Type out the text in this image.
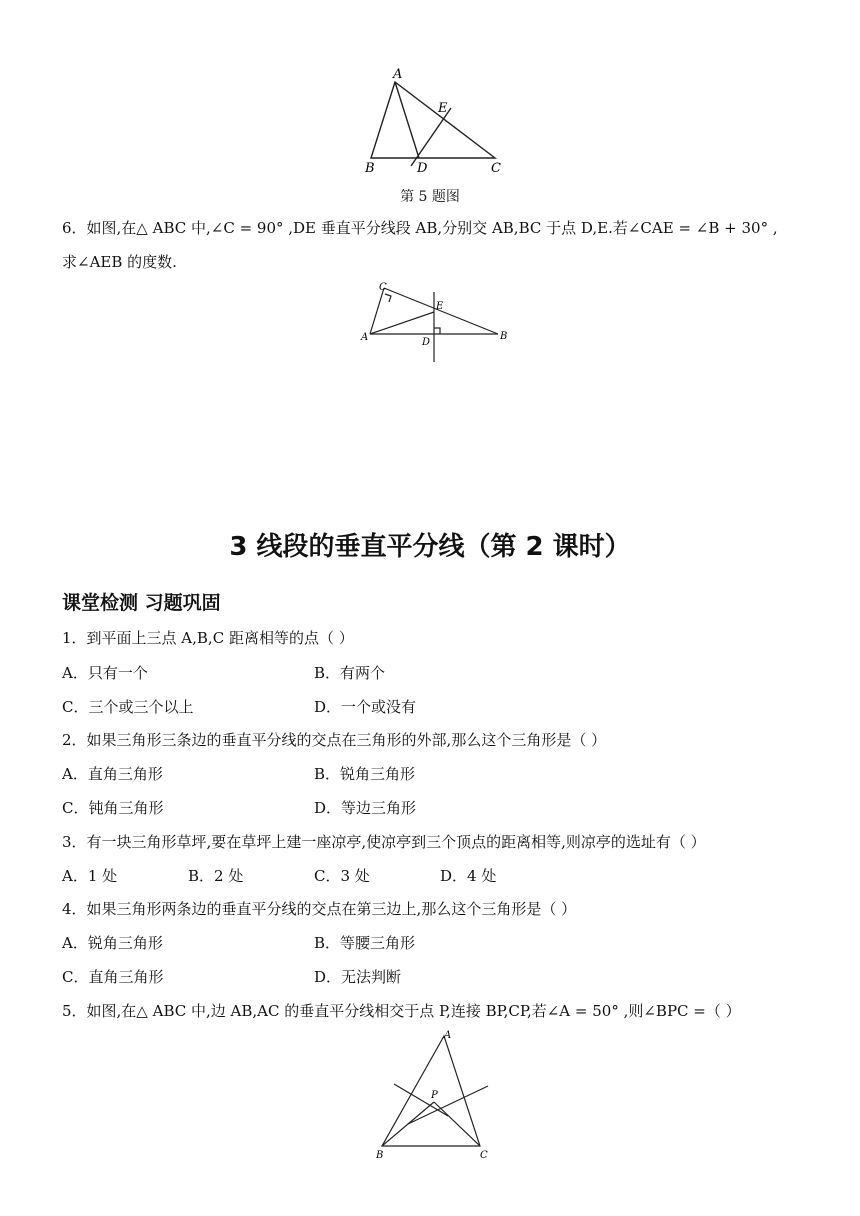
A
B	D	C
E
第 5 题图
6．如图,在△ ABC 中,∠C = 90° ,DE 垂直平分线段 AB,分别交 AB,BC 于点 D,E.若∠CAE = ∠B + 30° ,
求∠AEB 的度数.
C
E
A	D
B
3 线段的垂直平分线（第 2 课时）
课堂检测 习题巩固
1．到平面上三点 A,B,C 距离相等的点（ ）
A．只有一个	B．有两个
C．三个或三个以上	D．一个或没有
2．如果三角形三条边的垂直平分线的交点在三角形的外部,那么这个三角形是（ ）
A．直角三角形	B．锐角三角形
C．钝角三角形	D．等边三角形
3．有一块三角形草坪,要在草坪上建一座凉亭,使凉亭到三个顶点的距离相等,则凉亭的选址有（ ）
A．1 处	B．2 处	C．3 处	D．4 处
4．如果三角形两条边的垂直平分线的交点在第三边上,那么这个三角形是（ ）
A．锐角三角形	B．等腰三角形
C．直角三角形	D．无法判断
5．如图,在△ ABC 中,边 AB,AC 的垂直平分线相交于点 P,连接 BP,CP,若∠A = 50° ,则∠BPC =（ ）
A
P
B	C
